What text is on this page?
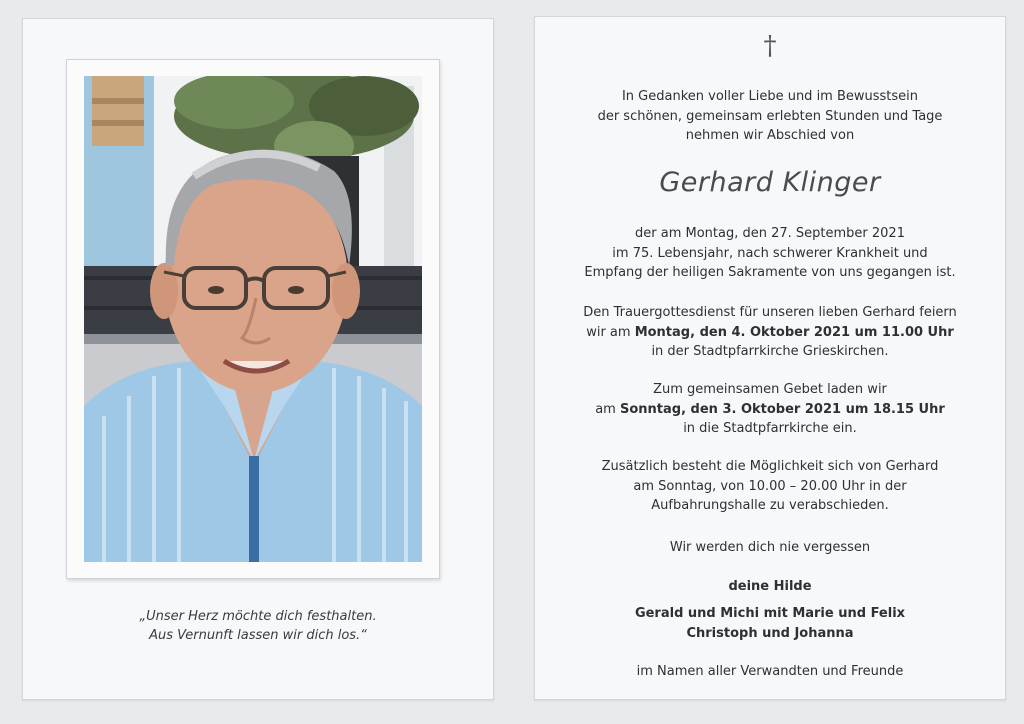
„Unser Herz möchte dich festhalten.
Aus Vernunft lassen wir dich los.“
†
In Gedanken voller Liebe und im Bewusstsein
der schönen, gemeinsam erlebten Stunden und Tage
nehmen wir Abschied von
Gerhard Klinger
der am Montag, den 27. September 2021
im 75. Lebensjahr, nach schwerer Krankheit und
Empfang der heiligen Sakramente von uns gegangen ist.
Den Trauergottesdienst für unseren lieben Gerhard feiern
wir am Montag, den 4. Oktober 2021 um 11.00 Uhr
in der Stadtpfarrkirche Grieskirchen.
Zum gemeinsamen Gebet laden wir
am Sonntag, den 3. Oktober 2021 um 18.15 Uhr
in die Stadtpfarrkirche ein.
Zusätzlich besteht die Möglichkeit sich von Gerhard
am Sonntag, von 10.00 – 20.00 Uhr in der
Aufbahrungshalle zu verabschieden.
Wir werden dich nie vergessen
deine Hilde
Gerald und Michi mit Marie und Felix
Christoph und Johanna
im Namen aller Verwandten und Freunde
